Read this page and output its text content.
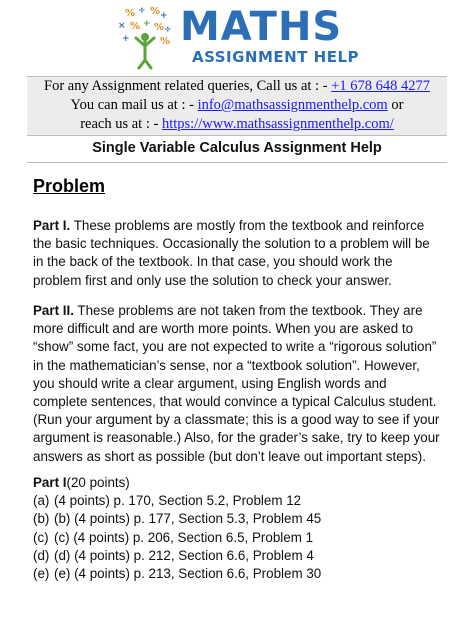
% ÷ % +
× % + % ÷
+	% MATHS
ASSIGNMENT HELP
For any Assignment related queries, Call us at : - +1 678 648 4277
You can mail us at : - info@mathsassignmenthelp.com or
reach us at : - https://www.mathsassignmenthelp.com/
Single Variable Calculus Assignment Help
Problem
Part I. These problems are mostly from the textbook and reinforce the basic techniques. Occasionally the solution to a problem will be in the back of the textbook. In that case, you should work the problem first and only use the solution to check your answer.
Part II. These problems are not taken from the textbook. They are more difficult and are worth more points. When you are asked to “show” some fact, you are not expected to write a “rigorous solution” in the mathematician’s sense, nor a “textbook solution”. However, you should write a clear argument, using English words and complete sentences, that would convince a typical Calculus student. (Run your argument by a classmate; this is a good way to see if your argument is reasonable.) Also, for the grader’s sake, try to keep your answers as short as possible (but don’t leave out important steps).
Part I(20 points)
(a) (4 points) p. 170, Section 5.2, Problem 12
(b) (b) (4 points) p. 177, Section 5.3, Problem 45
(c) (c) (4 points) p. 206, Section 6.5, Problem 1
(d) (d) (4 points) p. 212, Section 6.6, Problem 4
(e) (e) (4 points) p. 213, Section 6.6, Problem 30
